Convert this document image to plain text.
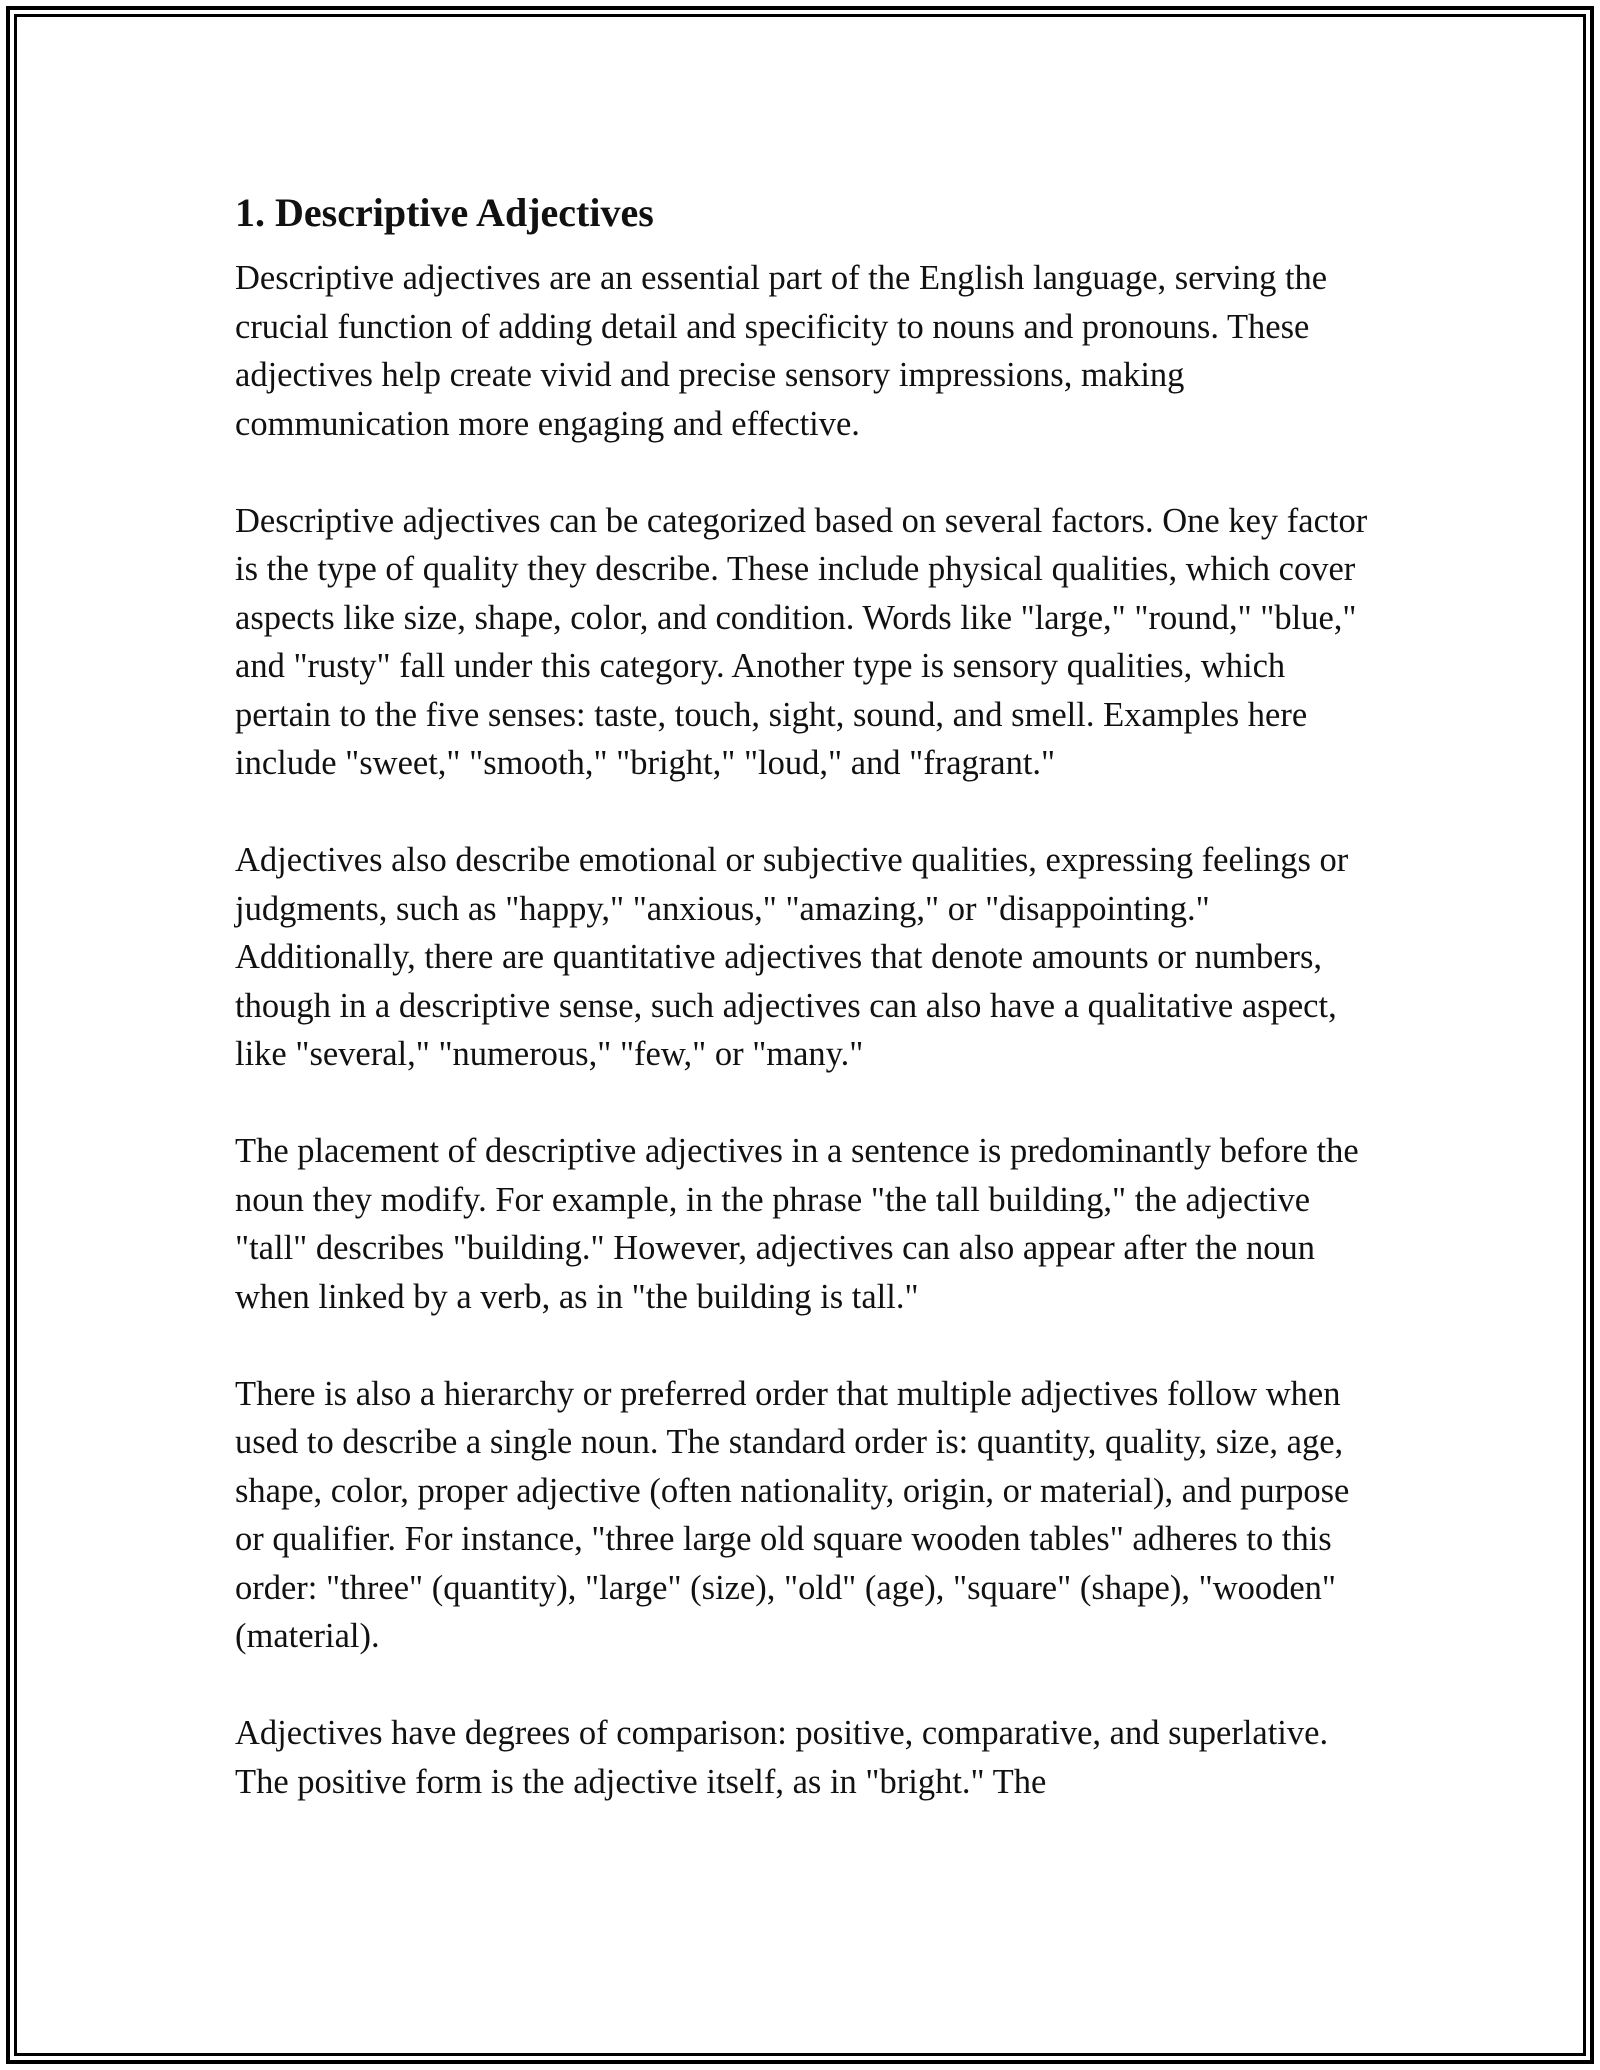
1. Descriptive Adjectives

Descriptive adjectives are an essential part of the English language, serving the crucial function of adding detail and specificity to nouns and pronouns. These adjectives help create vivid and precise sensory impressions, making communication more engaging and effective.

Descriptive adjectives can be categorized based on several factors. One key factor is the type of quality they describe. These include physical qualities, which cover aspects like size, shape, color, and condition. Words like "large," "round," "blue," and "rusty" fall under this category. Another type is sensory qualities, which pertain to the five senses: taste, touch, sight, sound, and smell. Examples here include "sweet," "smooth," "bright," "loud," and "fragrant."

Adjectives also describe emotional or subjective qualities, expressing feelings or judgments, such as "happy," "anxious," "amazing," or "disappointing." Additionally, there are quantitative adjectives that denote amounts or numbers, though in a descriptive sense, such adjectives can also have a qualitative aspect, like "several," "numerous," "few," or "many."

The placement of descriptive adjectives in a sentence is predominantly before the noun they modify. For example, in the phrase "the tall building," the adjective "tall" describes "building." However, adjectives can also appear after the noun when linked by a verb, as in "the building is tall."

There is also a hierarchy or preferred order that multiple adjectives follow when used to describe a single noun. The standard order is: quantity, quality, size, age, shape, color, proper adjective (often nationality, origin, or material), and purpose or qualifier. For instance, "three large old square wooden tables" adheres to this order: "three" (quantity), "large" (size), "old" (age), "square" (shape), "wooden" (material).

Adjectives have degrees of comparison: positive, comparative, and superlative. The positive form is the adjective itself, as in "bright." The
